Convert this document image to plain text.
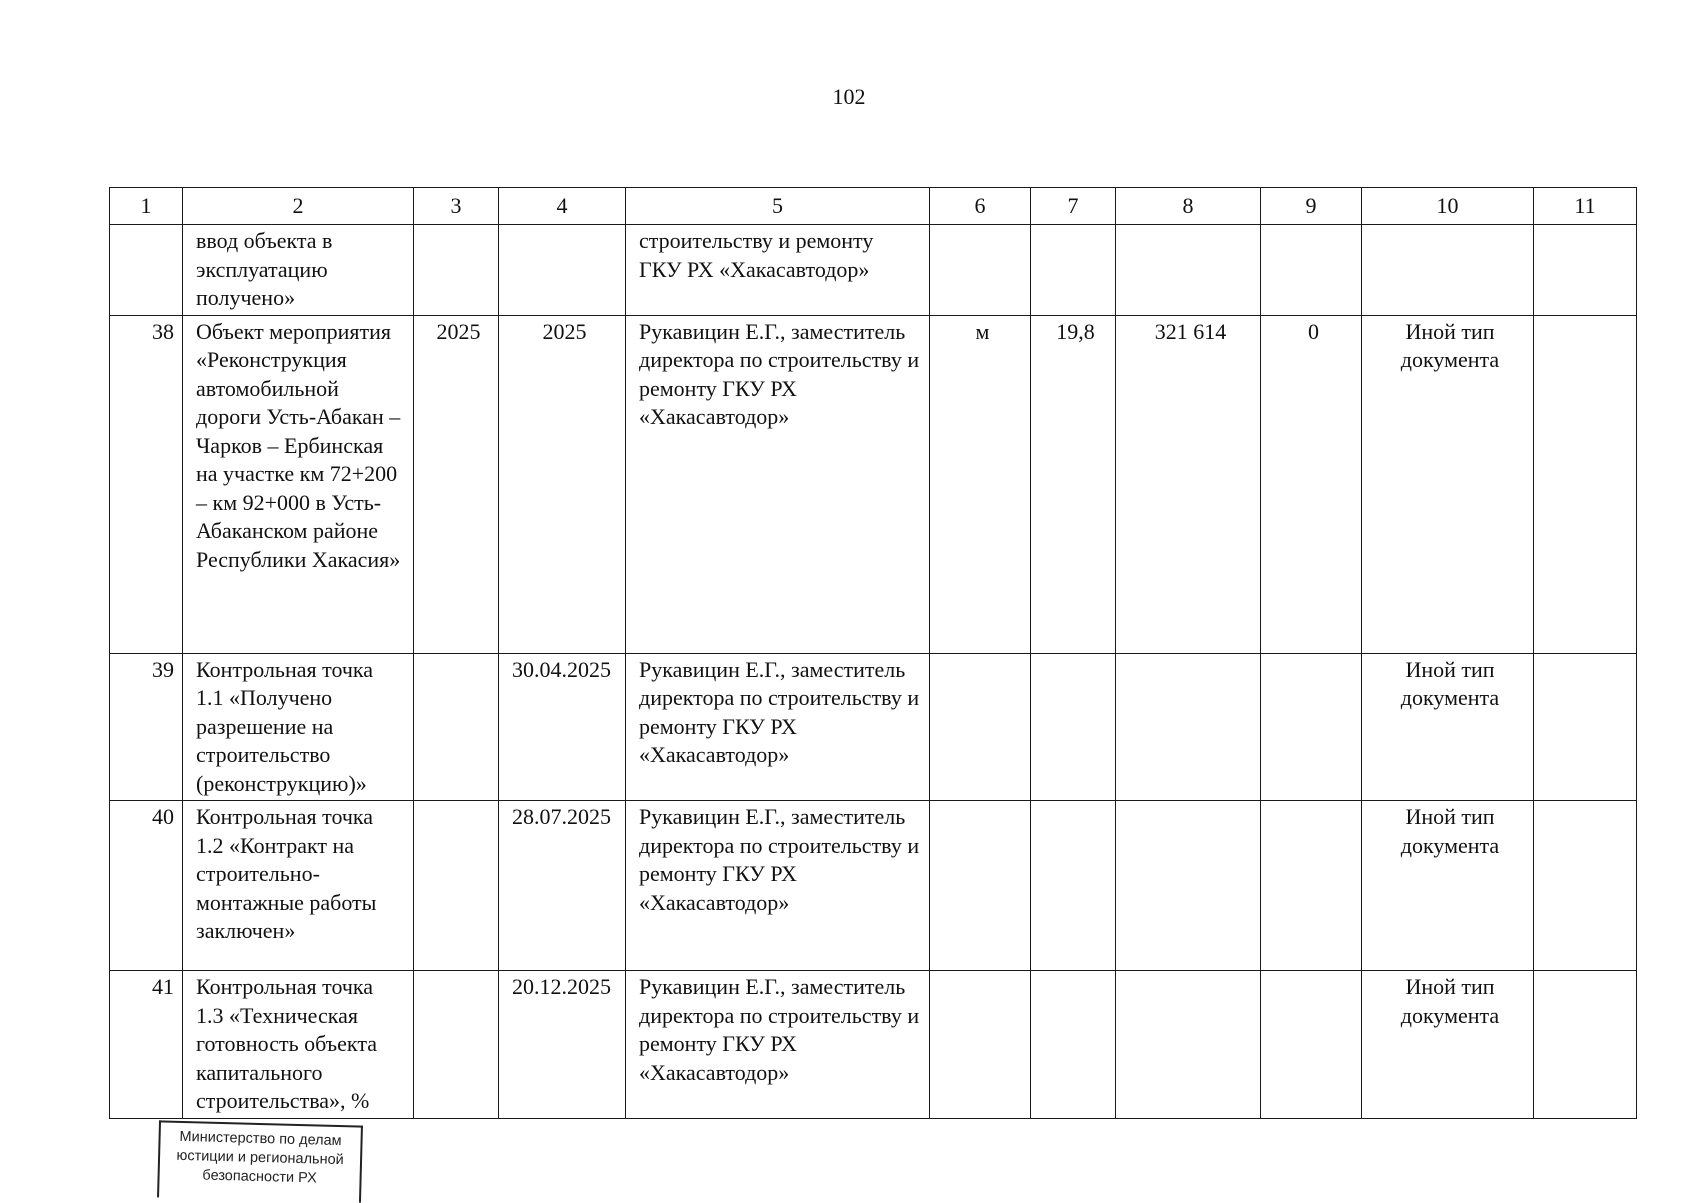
102
1	2	3	4	5	6	7	8	9	10	11
	ввод объекта в эксплуатацию получено»			строительству и ремонту ГКУ РХ «Хакасавтодор»						
38	Объект мероприятия «Реконструкция автомобильной дороги Усть-Абакан – Чарков – Ербинская на участке км 72+200 – км 92+000 в Усть-Абаканском районе Республики Хакасия»	2025	2025	Рукавицин Е.Г., заместитель директора по строительству и ремонту ГКУ РХ «Хакасавтодор»	м	19,8	321 614	0	Иной тип документа	
39	Контрольная точка 1.1 «Получено разрешение на строительство (реконструкцию)»		30.04.2025	Рукавицин Е.Г., заместитель директора по строительству и ремонту ГКУ РХ «Хакасавтодор»					Иной тип документа	
40	Контрольная точка 1.2 «Контракт на строительно-монтажные работы заключен»		28.07.2025	Рукавицин Е.Г., заместитель директора по строительству и ремонту ГКУ РХ «Хакасавтодор»					Иной тип документа	
41	Контрольная точка 1.3 «Техническая готовность объекта капитального строительства», %		20.12.2025	Рукавицин Е.Г., заместитель директора по строительству и ремонту ГКУ РХ «Хакасавтодор»					Иной тип документа	
Министерство по делам
юстиции и региональной
безопасности РХ
